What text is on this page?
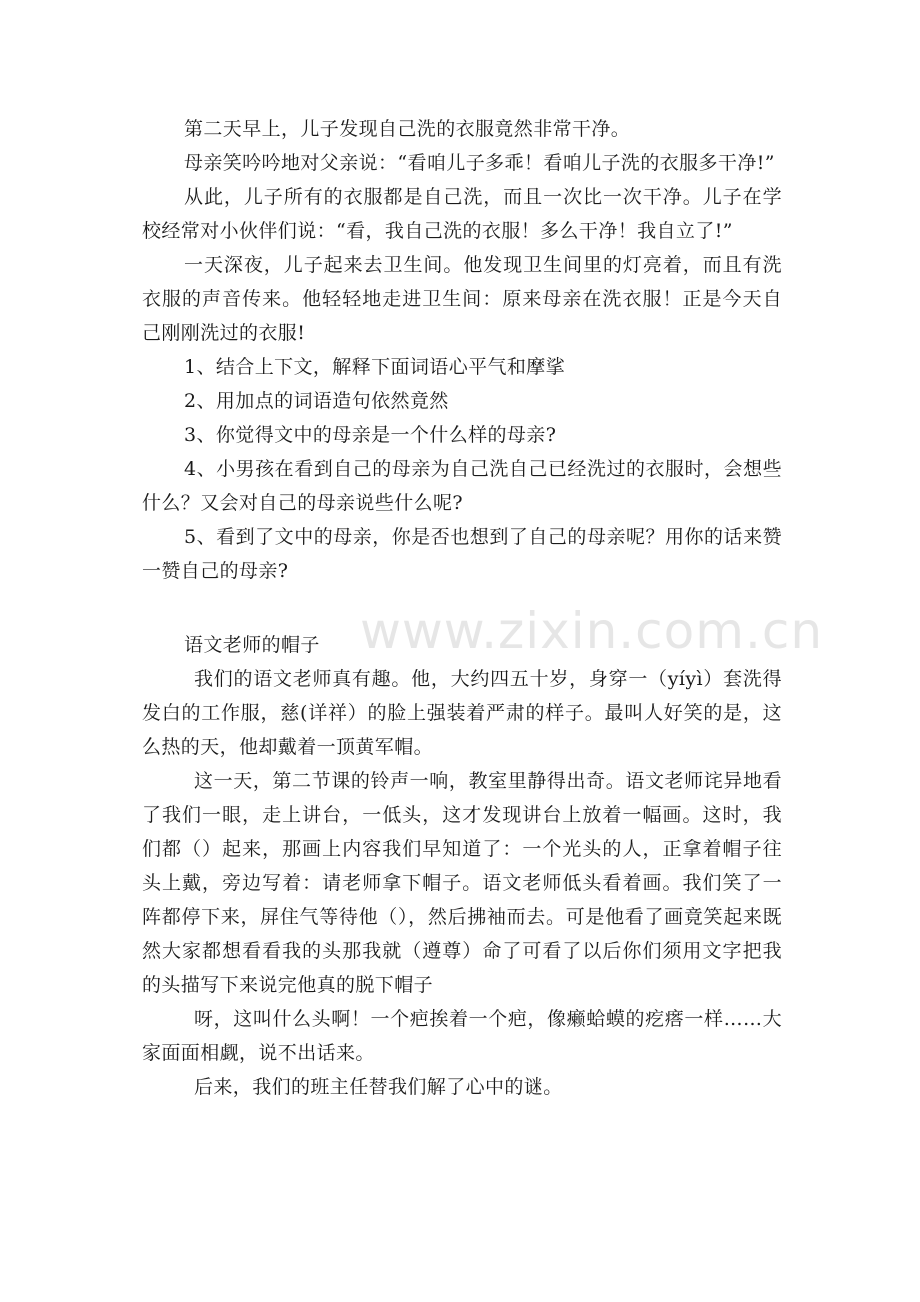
www.zixin.com.cn

第二天早上，儿子发现自己洗的衣服竟然非常干净。

母亲笑吟吟地对父亲说：“看咱儿子多乖！看咱儿子洗的衣服多干净!”

从此，儿子所有的衣服都是自己洗，而且一次比一次干净。儿子在学校经常对小伙伴们说：“看，我自己洗的衣服！多么干净！我自立了!”

一天深夜，儿子起来去卫生间。他发现卫生间里的灯亮着，而且有洗衣服的声音传来。他轻轻地走进卫生间：原来母亲在洗衣服！正是今天自己刚刚洗过的衣服!

1、结合上下文，解释下面词语心平气和摩挲

2、用加点的词语造句依然竟然

3、你觉得文中的母亲是一个什么样的母亲?

4、小男孩在看到自己的母亲为自己洗自己已经洗过的衣服时，会想些什么？又会对自己的母亲说些什么呢?

5、看到了文中的母亲，你是否也想到了自己的母亲呢？用你的话来赞一赞自己的母亲?

语文老师的帽子

我们的语文老师真有趣。他，大约四五十岁，身穿一（yíyì）套洗得发白的工作服，慈(详祥）的脸上强装着严肃的样子。最叫人好笑的是，这么热的天，他却戴着一顶黄军帽。

这一天，第二节课的铃声一响，教室里静得出奇。语文老师诧异地看了我们一眼，走上讲台，一低头，这才发现讲台上放着一幅画。这时，我们都（）起来，那画上内容我们早知道了：一个光头的人，正拿着帽子往头上戴，旁边写着：请老师拿下帽子。语文老师低头看着画。我们笑了一阵都停下来，屏住气等待他（），然后拂袖而去。可是他看了画竟笑起来既然大家都想看看我的头那我就（遵尊）命了可看了以后你们须用文字把我的头描写下来说完他真的脱下帽子

呀，这叫什么头啊！一个疤挨着一个疤，像癞蛤蟆的疙瘩一样……大家面面相觑，说不出话来。

后来，我们的班主任替我们解了心中的谜。
